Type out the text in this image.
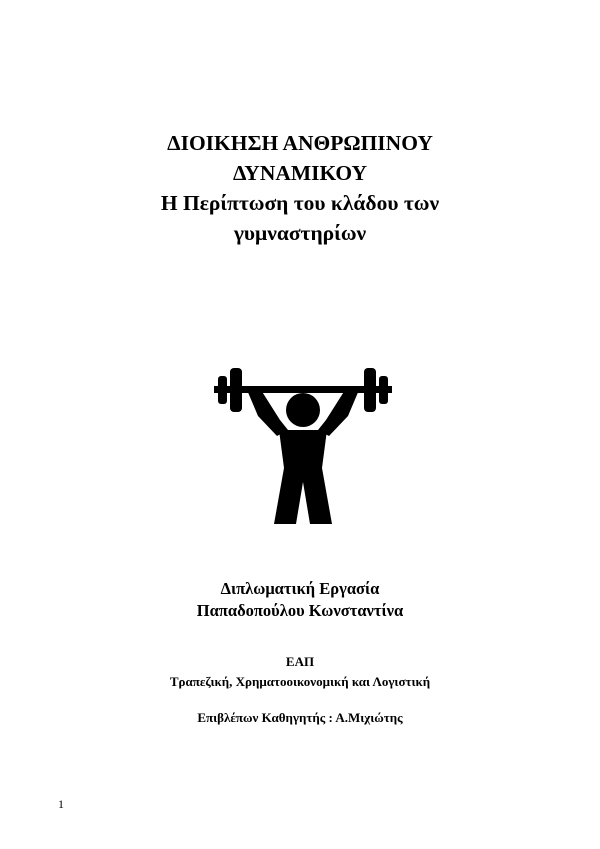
ΔΙΟΙΚΗΣΗ ΑΝΘΡΩΠΙΝΟΥ
ΔΥΝΑΜΙΚΟΥ
Η Περίπτωση του κλάδου των
γυμναστηρίων
Διπλωματική Εργασία
Παπαδοπούλου Κωνσταντίνα
ΕΑΠ
Τραπεζική, Χρηματοοικονομική και Λογιστική
Επιβλέπων Καθηγητής : Α.Μιχιώτης
1
